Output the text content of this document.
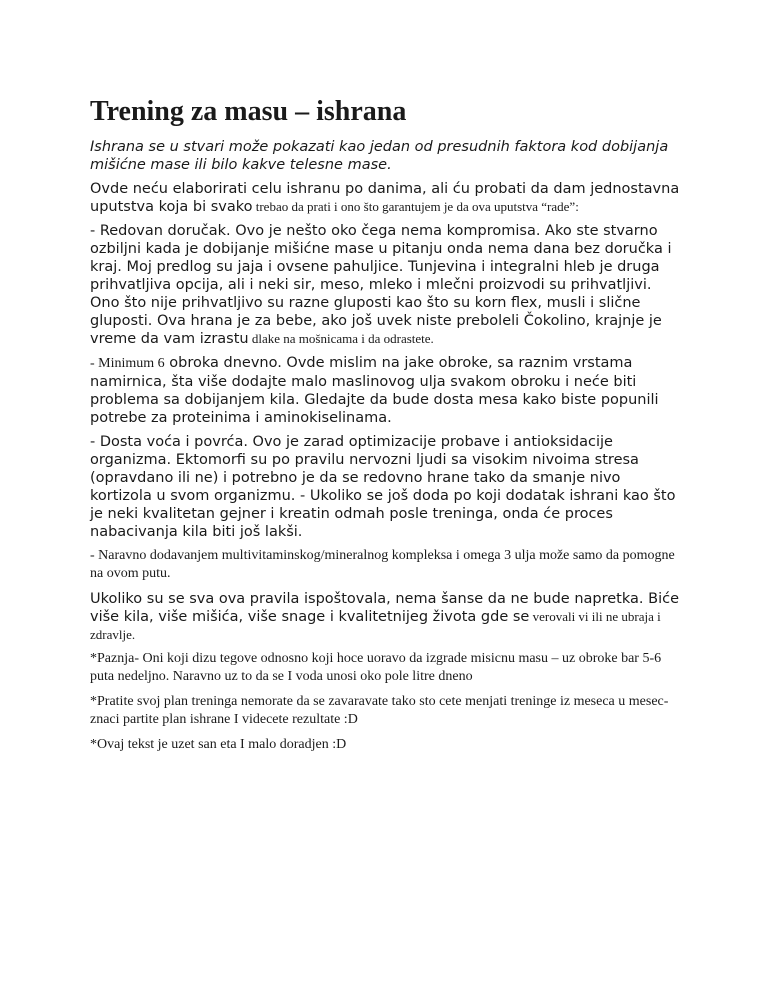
Trening za masu – ishrana

Ishrana se u stvari može pokazati kao jedan od presudnih faktora kod dobijanja mišićne mase ili bilo kakve telesne mase.

Ovde neću elaborirati celu ishranu po danima, ali ću probati da dam jednostavna uputstva koja bi svako trebao da prati i ono što garantujem je da ova uputstva “rade”:

- Redovan doručak. Ovo je nešto oko čega nema kompromisa. Ako ste stvarno ozbiljni kada je dobijanje mišićne mase u pitanju onda nema dana bez doručka i kraj. Moj predlog su jaja i ovsene pahuljice. Tunjevina i integralni hleb je druga prihvatljiva opcija, ali i neki sir, meso, mleko i mlečni proizvodi su prihvatljivi. Ono što nije prihvatljivo su razne gluposti kao što su korn flex, musli i slične gluposti. Ova hrana je za bebe, ako još uvek niste preboleli Čokolino, krajnje je vreme da vam izrastu dlake na mošnicama i da odrastete.

- Minimum 6 obroka dnevno. Ovde mislim na jake obroke, sa raznim vrstama namirnica, šta više dodajte malo maslinovog ulja svakom obroku i neće biti problema sa dobijanjem kila. Gledajte da bude dosta mesa kako biste popunili potrebe za proteinima i aminokiselinama.

- Dosta voća i povrća. Ovo je zarad optimizacije probave i antioksidacije organizma. Ektomorfi su po pravilu nervozni ljudi sa visokim nivoima stresa (opravdano ili ne) i potrebno je da se redovno hrane tako da smanje nivo kortizola u svom organizmu. - Ukoliko se još doda po koji dodatak ishrani kao što je neki kvalitetan gejner i kreatin odmah posle treninga, onda će proces nabacivanja kila biti još lakši.

- Naravno dodavanjem multivitaminskog/mineralnog kompleksa i omega 3 ulja može samo da pomogne na ovom putu.

Ukoliko su se sva ova pravila ispoštovala, nema šanse da ne bude napretka. Biće više kila, više mišića, više snage i kvalitetnijeg života gde se verovali vi ili ne ubraja i zdravlje.

*Paznja- Oni koji dizu tegove odnosno koji hoce uoravo da izgrade misicnu masu – uz obroke bar 5-6 puta nedeljno. Naravno uz to da se I voda unosi oko pole litre dneno

*Pratite svoj plan treninga nemorate da se zavaravate tako sto cete menjati treninge iz meseca u mesec- znaci partite plan ishrane I videcete rezultate :D

*Ovaj tekst je uzet san eta I malo doradjen :D
